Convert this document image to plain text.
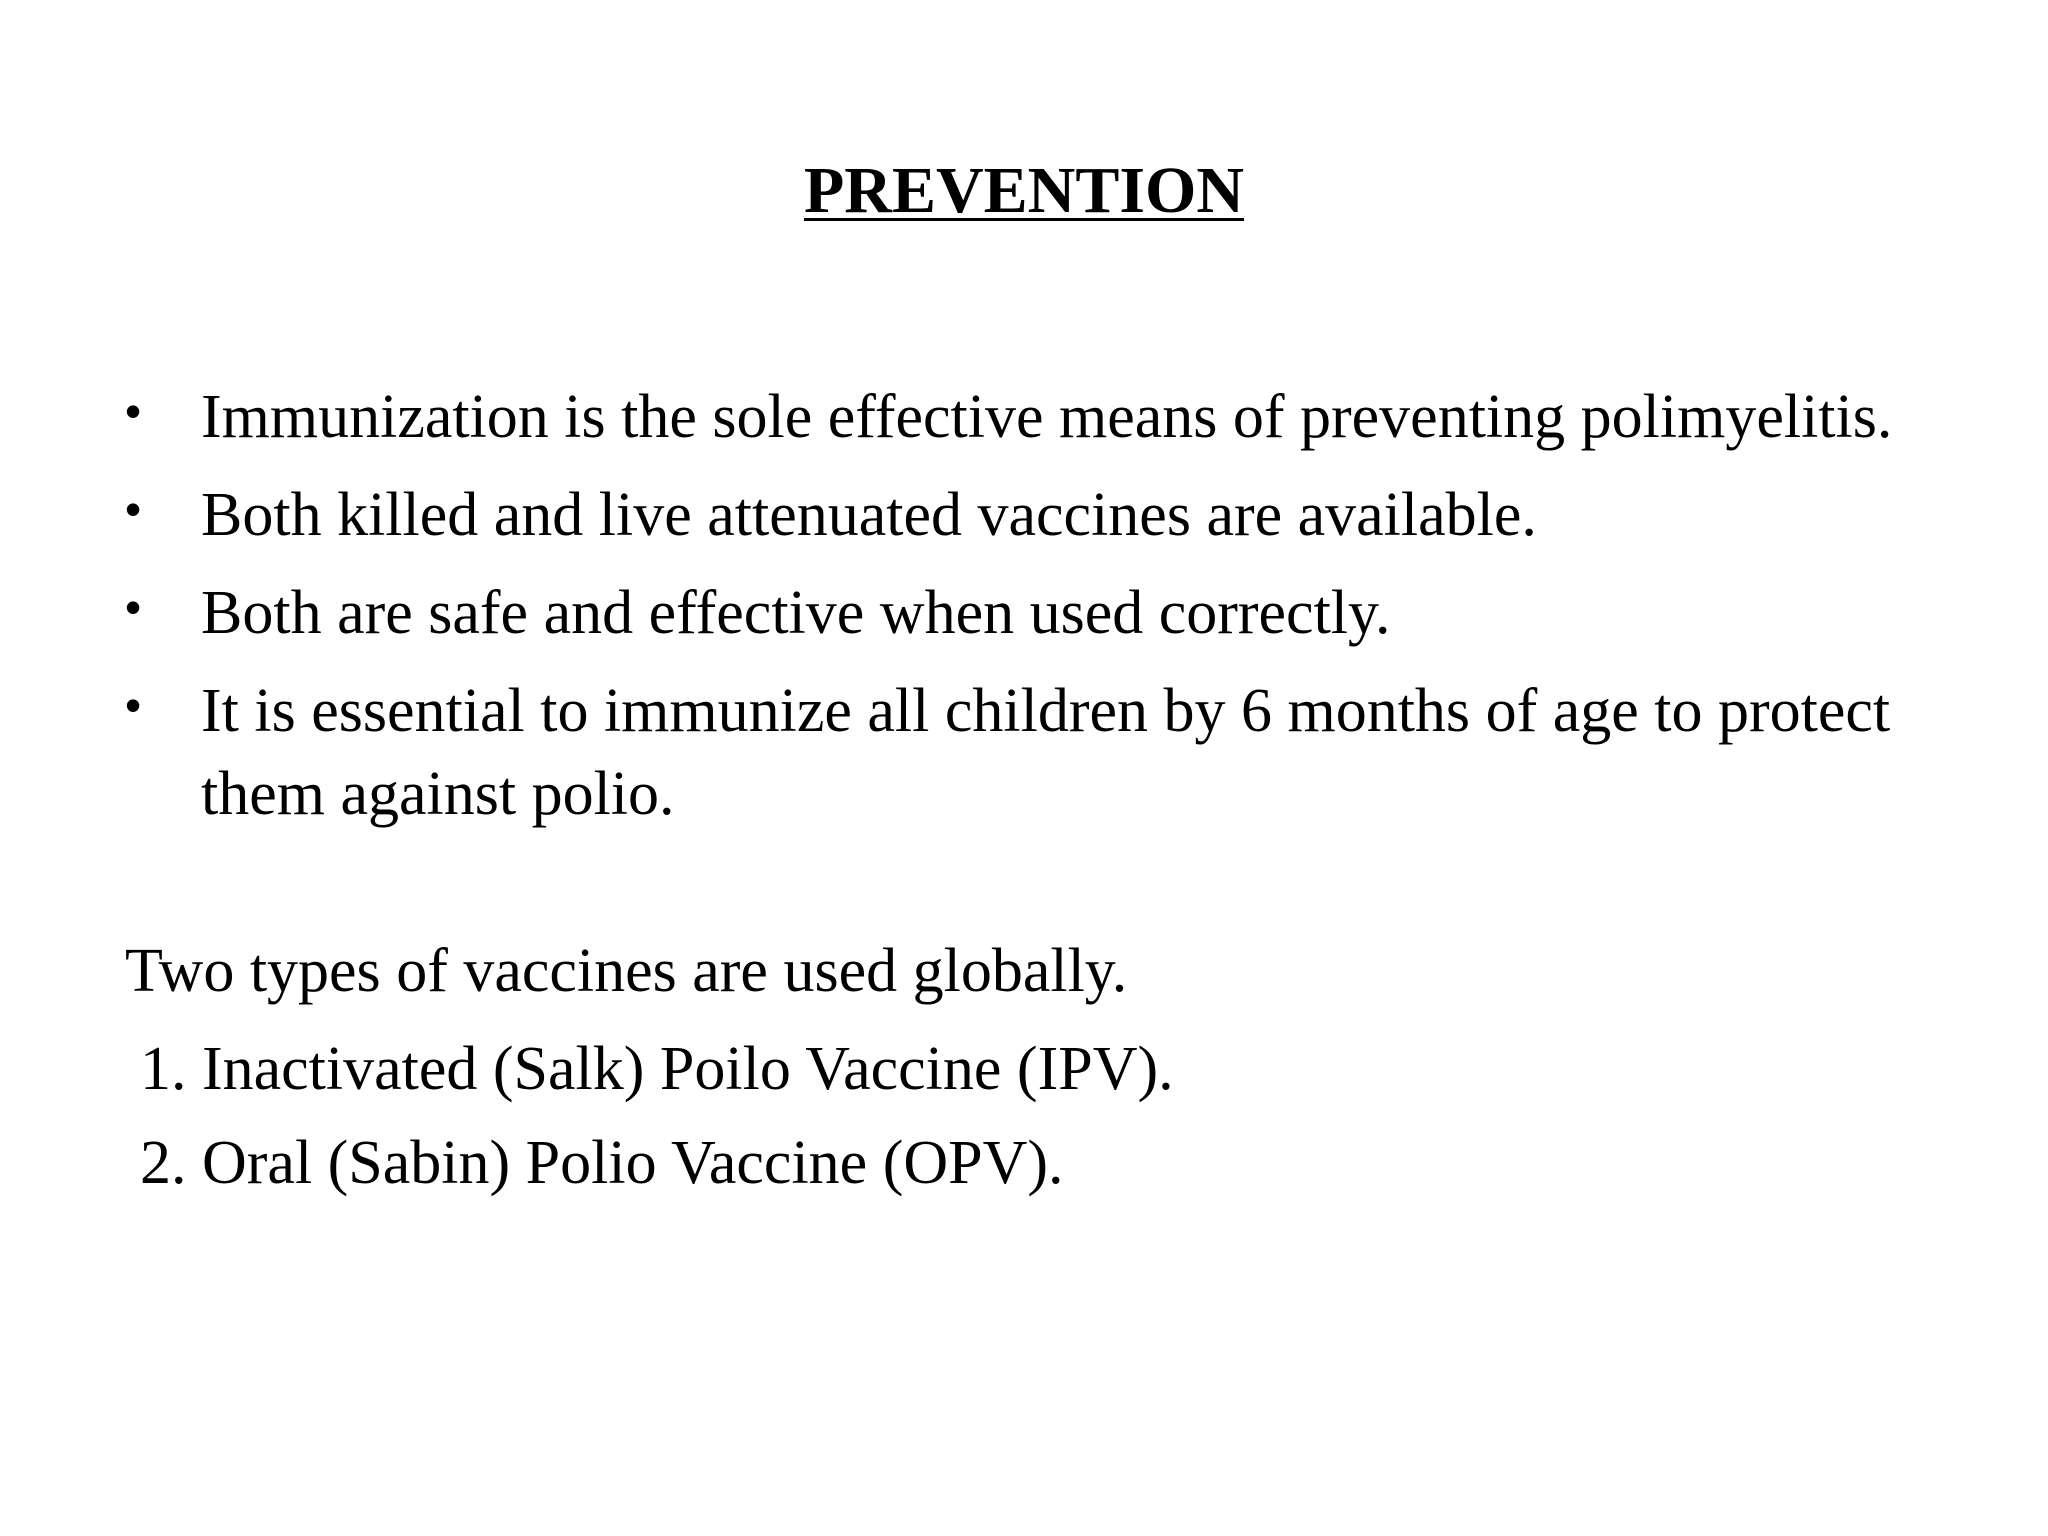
PREVENTION
• Immunization is the sole effective means of preventing polimyelitis.
• Both killed and live attenuated vaccines are available.
• Both are safe and effective when used correctly.
• It is essential to immunize all children by 6 months of age to protect them against polio.
Two types of vaccines are used globally.
1. Inactivated (Salk) Poilo Vaccine (IPV).
2. Oral (Sabin) Polio Vaccine (OPV).
